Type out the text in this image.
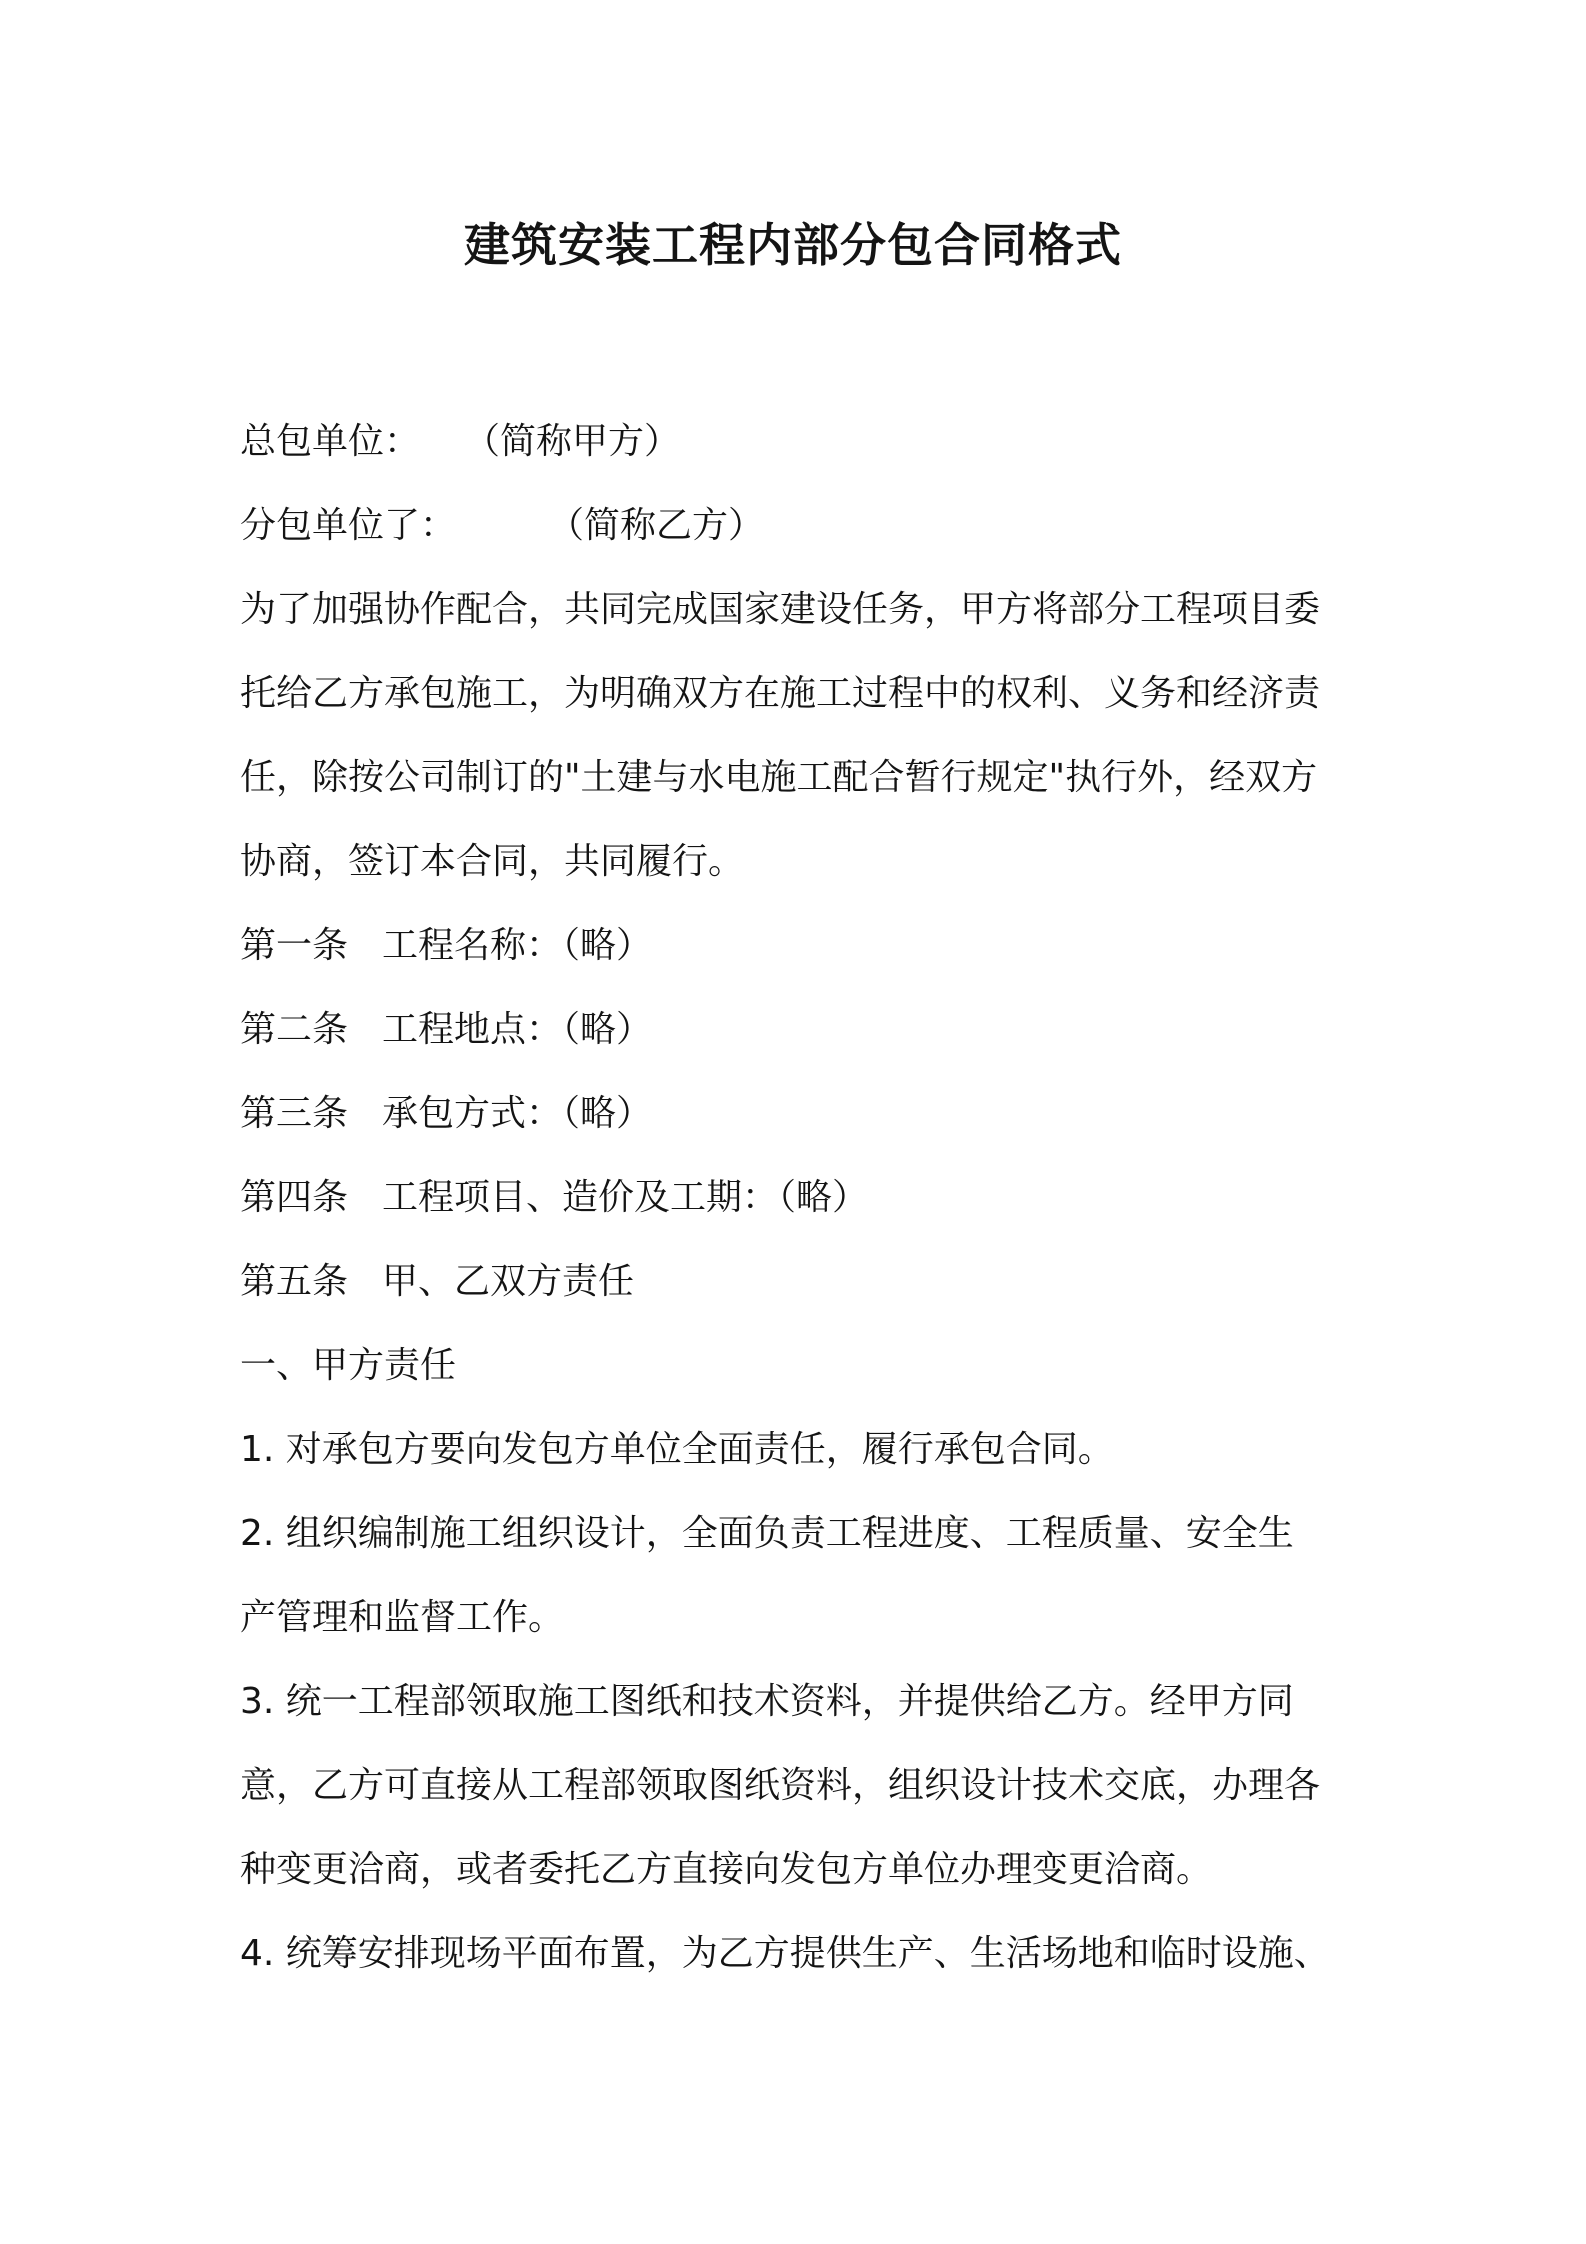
建筑安装工程内部分包合同格式

总包单位： （简称甲方）

分包单位了：	（简称乙方）

为了加强协作配合，共同完成国家建设任务，甲方将部分工程项目委

托给乙方承包施工，为明确双方在施工过程中的权利、义务和经济责

任，除按公司制订的"土建与水电施工配合暂行规定"执行外，经双方

协商，签订本合同，共同履行。

第一条 工程名称：（略）

第二条 工程地点：（略）

第三条 承包方式：（略）

第四条 工程项目、造价及工期：（略）

第五条 甲、乙双方责任

一、甲方责任

1. 对承包方要向发包方单位全面责任，履行承包合同。

2. 组织编制施工组织设计，全面负责工程进度、工程质量、安全生

产管理和监督工作。

3. 统一工程部领取施工图纸和技术资料，并提供给乙方。经甲方同

意，乙方可直接从工程部领取图纸资料，组织设计技术交底，办理各

种变更洽商，或者委托乙方直接向发包方单位办理变更洽商。

4. 统筹安排现场平面布置，为乙方提供生产、生活场地和临时设施、
